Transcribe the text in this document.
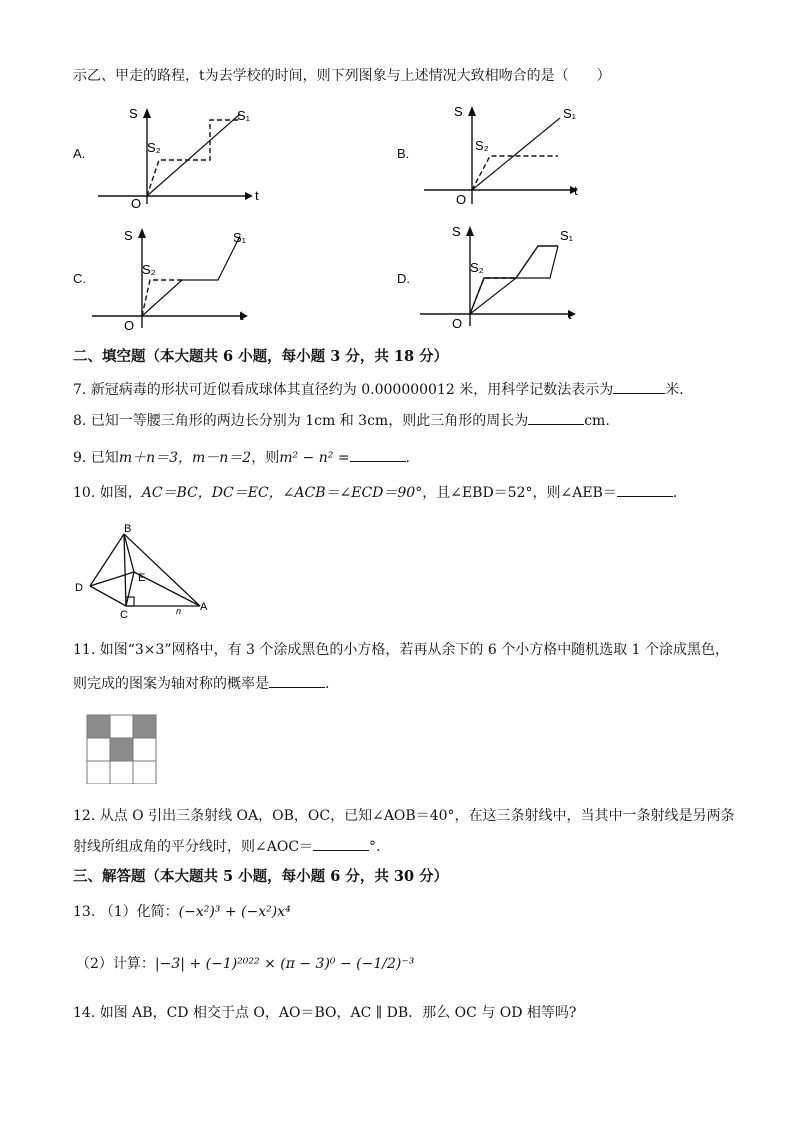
示乙、甲走的路程，t为去学校的时间，则下列图象与上述情况大致相吻合的是（　　）
A.
S	S₁
S₂
O
t
B.
S	S₁
S₂
O
t
C.
S	S₁
S₂
O
t
D.
S	S₁
S₂
O
t
二、填空题（本大题共 6 小题，每小题 3 分，共 18 分）
7. 新冠病毒的形状可近似看成球体其直径约为 0.000000012 米，用科学记数法表示为	米．
8. 已知一等腰三角形的两边长分别为 1cm 和 3cm，则此三角形的周长为	cm.
9. 已知m＋n＝3，m－n＝2，则m² − n² =	.
10. 如图，AC＝BC，DC＝EC，∠ACB＝∠ECD＝90°，且∠EBD＝52°，则∠AEB＝	.
B
D
E
C
A
n
11. 如图“3×3”网格中，有 3 个涂成黑色的小方格，若再从余下的 6 个小方格中随机选取 1 个涂成黑色，
则完成的图案为轴对称的概率是	.
12. 从点 O 引出三条射线 OA，OB，OC，已知∠AOB＝40°，在这三条射线中，当其中一条射线是另两条
射线所组成角的平分线时，则∠AOC＝	°.
三、解答题（本大题共 5 小题，每小题 6 分，共 30 分）
13. （1）化简：(−x²)³ + (−x²)x⁴
（2）计算：|−3| + (−1)²⁰²² × (π − 3)⁰ − (−1/2)⁻³
14. 如图 AB，CD 相交于点 O，AO＝BO，AC ∥ DB．那么 OC 与 OD 相等吗?
